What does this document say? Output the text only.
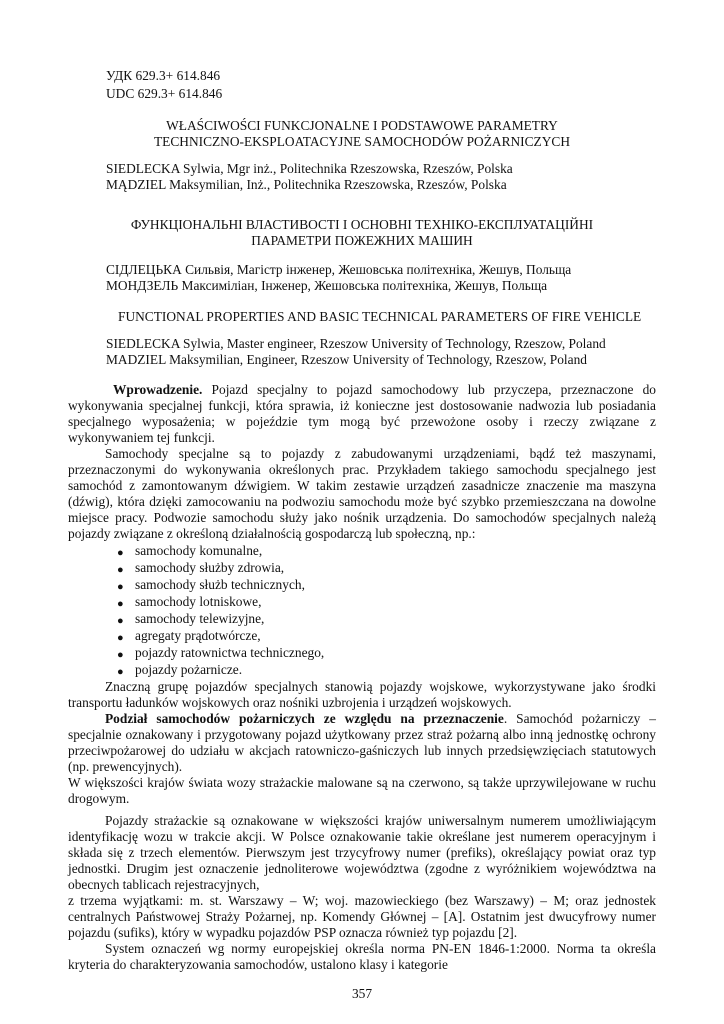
УДК 629.3+ 614.846
UDC 629.3+ 614.846
WŁAŚCIWOŚCI FUNKCJONALNE I PODSTAWOWE PARAMETRY
TECHNICZNO-EKSPLOATACYJNE SAMOCHODÓW POŻARNICZYCH
SIEDLECKA Sylwia, Mgr inż., Politechnika Rzeszowska, Rzeszów, Polska
MĄDZIEL Maksymilian, Inż., Politechnika Rzeszowska, Rzeszów, Polska
ФУНКЦІОНАЛЬНІ ВЛАСТИВОСТІ І ОСНОВНІ ТЕХНІКО-ЕКСПЛУАТАЦІЙНІ
ПАРАМЕТРИ ПОЖЕЖНИХ МАШИН
СІДЛЕЦЬКА Сильвія, Магістр інженер, Жешовська політехніка, Жешув, Польща
МОНДЗЕЛЬ Максиміліан, Інженер, Жешовська політехніка, Жешув, Польща
FUNCTIONAL PROPERTIES AND BASIC TECHNICAL PARAMETERS OF FIRE VEHICLE
SIEDLECKA Sylwia, Master engineer, Rzeszow University of Technology, Rzeszow, Poland
MADZIEL Maksymilian, Engineer, Rzeszow University of Technology, Rzeszow, Poland
Wprowadzenie. Pojazd specjalny to pojazd samochodowy lub przyczepa, przeznaczone do
wykonywania specjalnej funkcji, która sprawia, iż konieczne jest dostosowanie nadwozia lub posiadania
specjalnego wyposażenia; w pojeździe tym mogą być przewożone osoby i rzeczy związane z
wykonywaniem tej funkcji.
Samochody specjalne są to pojazdy z zabudowanymi urządzeniami, bądź też maszynami,
przeznaczonymi do wykonywania określonych prac. Przykładem takiego samochodu specjalnego jest
samochód z zamontowanym dźwigiem. W takim zestawie urządzeń zasadnicze znaczenie ma maszyna
(dźwig), która dzięki zamocowaniu na podwoziu samochodu może być szybko przemieszczana na dowolne
miejsce pracy. Podwozie samochodu służy jako nośnik urządzenia. Do samochodów specjalnych należą
pojazdy związane z określoną działalnością gospodarczą lub społeczną, np.:
● samochody komunalne,
● samochody służby zdrowia,
● samochody służb technicznych,
● samochody lotniskowe,
● samochody telewizyjne,
● agregaty prądotwórcze,
● pojazdy ratownictwa technicznego,
● pojazdy pożarnicze.
Znaczną grupę pojazdów specjalnych stanowią pojazdy wojskowe, wykorzystywane jako środki
transportu ładunków wojskowych oraz nośniki uzbrojenia i urządzeń wojskowych.
Podział samochodów pożarniczych ze względu na przeznaczenie. Samochód pożarniczy –
specjalnie oznakowany i przygotowany pojazd użytkowany przez straż pożarną albo inną jednostkę ochrony
przeciwpożarowej do udziału w akcjach ratowniczo-gaśniczych lub innych przedsięwzięciach statutowych
(np. prewencyjnych).
W większości krajów świata wozy strażackie malowane są na czerwono, są także uprzywilejowane w ruchu
drogowym.
Pojazdy strażackie są oznakowane w większości krajów uniwersalnym numerem umożliwiającym
identyfikację wozu w trakcie akcji. W Polsce oznakowanie takie określane jest numerem operacyjnym i
składa się z trzech elementów. Pierwszym jest trzycyfrowy numer (prefiks), określający powiat oraz typ
jednostki. Drugim jest oznaczenie jednoliterowe województwa (zgodne z wyróżnikiem województwa na
obecnych tablicach rejestracyjnych,
z trzema wyjątkami: m. st. Warszawy – W; woj. mazowieckiego (bez Warszawy) – M; oraz jednostek
centralnych Państwowej Straży Pożarnej, np. Komendy Głównej – [A]. Ostatnim jest dwucyfrowy numer
pojazdu (sufiks), który w wypadku pojazdów PSP oznacza również typ pojazdu [2].
System oznaczeń wg normy europejskiej określa norma PN-EN 1846-1:2000. Norma ta określa
kryteria do charakteryzowania samochodów, ustalono klasy i kategorie
357
